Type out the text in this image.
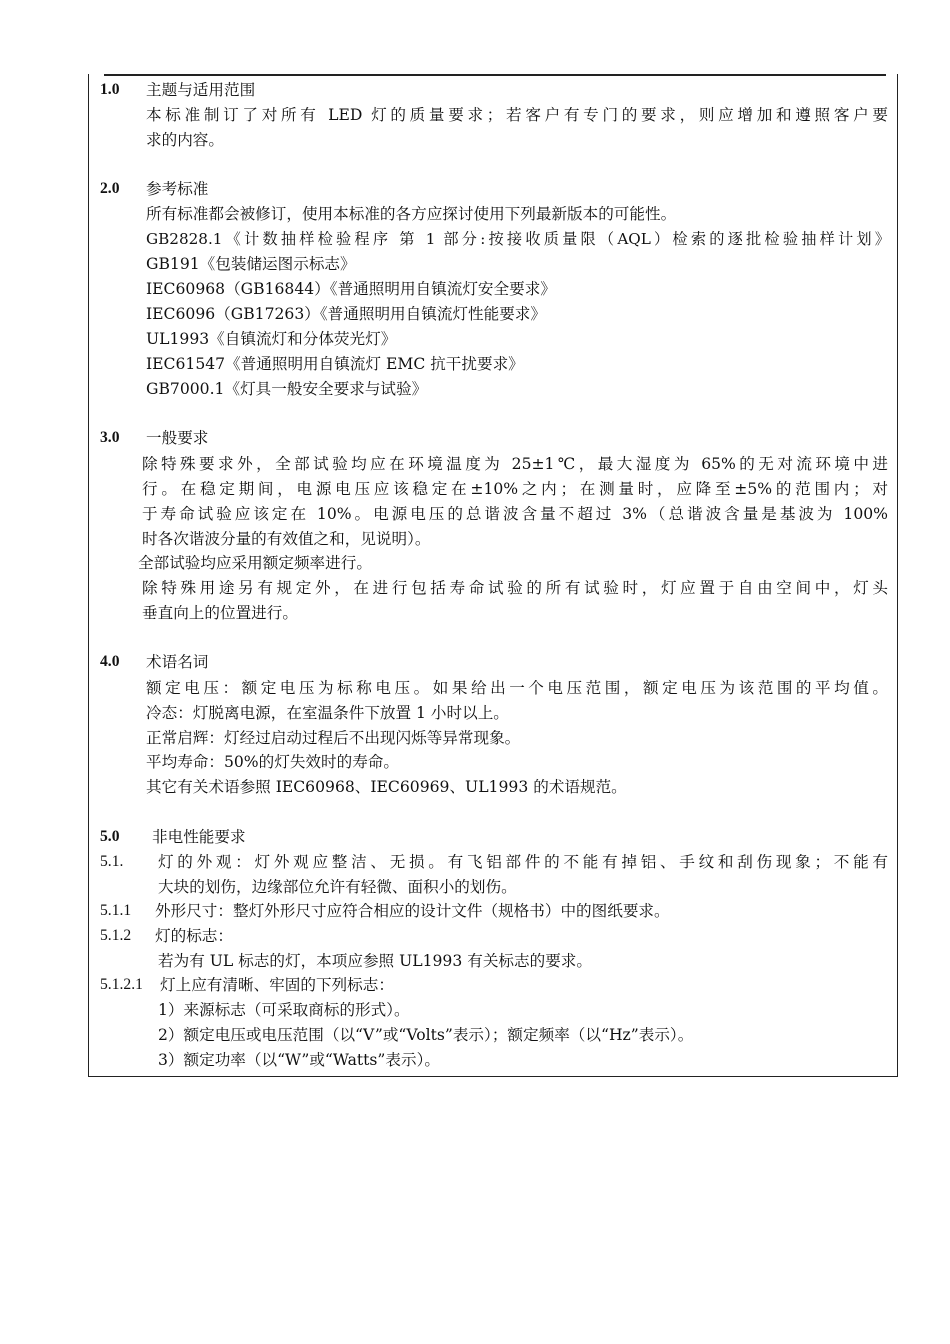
1.0 主题与适用范围
本标准制订了对所有 LED 灯的质量要求；若客户有专门的要求，则应增加和遵照客户要
求的内容。
2.0 参考标准
所有标准都会被修订，使用本标准的各方应探讨使用下列最新版本的可能性。
GB2828.1《计数抽样检验程序 第 1 部分:按接收质量限（AQL）检索的逐批检验抽样计划》
GB191《包装储运图示标志》
IEC60968（GB16844）《普通照明用自镇流灯安全要求》
IEC6096（GB17263）《普通照明用自镇流灯性能要求》
UL1993《自镇流灯和分体荧光灯》
IEC61547《普通照明用自镇流灯 EMC 抗干扰要求》
GB7000.1《灯具一般安全要求与试验》
3.0 一般要求
除特殊要求外，全部试验均应在环境温度为 25±1℃，最大湿度为 65%的无对流环境中进
行。在稳定期间，电源电压应该稳定在±10%之内；在测量时，应降至±5%的范围内；对
于寿命试验应该定在 10%。电源电压的总谐波含量不超过 3%（总谐波含量是基波为 100%
时各次谐波分量的有效值之和，见说明）。
全部试验均应采用额定频率进行。
除特殊用途另有规定外，在进行包括寿命试验的所有试验时，灯应置于自由空间中，灯头
垂直向上的位置进行。
4.0 术语名词
额定电压：额定电压为标称电压。如果给出一个电压范围，额定电压为该范围的平均值。
冷态：灯脱离电源，在室温条件下放置 1 小时以上。
正常启辉：灯经过启动过程后不出现闪烁等异常现象。
平均寿命：50%的灯失效时的寿命。
其它有关术语参照 IEC60968、IEC60969、UL1993 的术语规范。
5.0 非电性能要求
5.1. 灯的外观：灯外观应整洁、无损。有飞铝部件的不能有掉铝、手纹和刮伤现象；不能有
大块的划伤，边缘部位允许有轻微、面积小的划伤。
5.1.1 外形尺寸：整灯外形尺寸应符合相应的设计文件（规格书）中的图纸要求。
5.1.2 灯的标志：
若为有 UL 标志的灯，本项应参照 UL1993 有关标志的要求。
5.1.2.1 灯上应有清晰、牢固的下列标志：
1）来源标志（可采取商标的形式）。
2）额定电压或电压范围（以“V”或“Volts”表示）；额定频率（以“Hz”表示）。
3）额定功率（以“W”或“Watts”表示）。
